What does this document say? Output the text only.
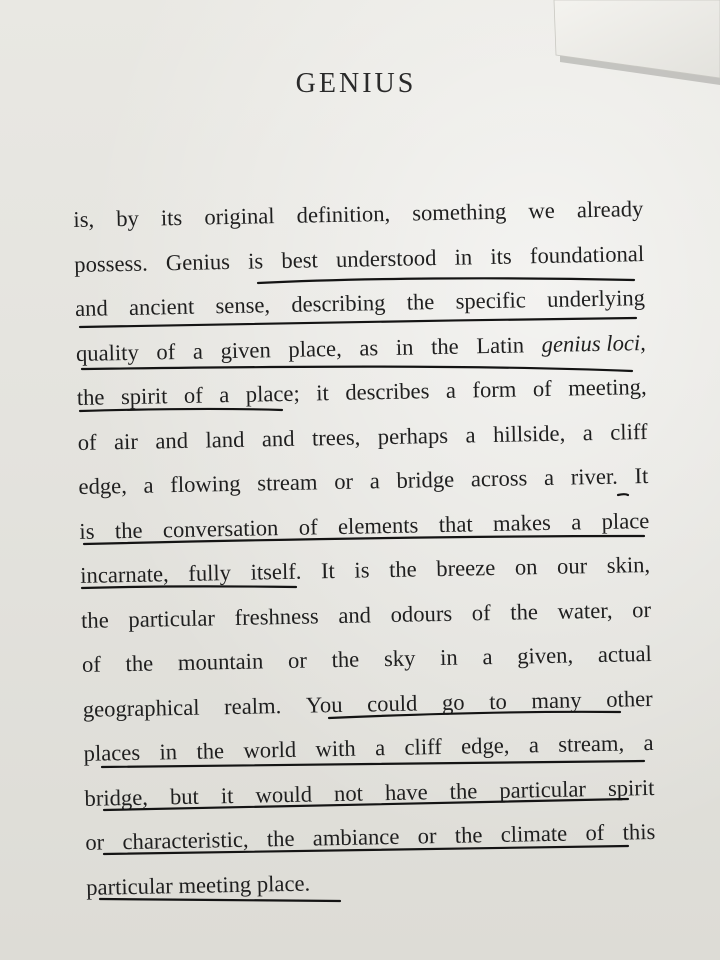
GENIUS
is, by its original definition, something we already
possess. Genius is best understood in its foundational
and ancient sense, describing the specific underlying
quality of a given place, as in the Latin genius loci,
the spirit of a place; it describes a form of meeting,
of air and land and trees, perhaps a hillside, a cliff
edge, a flowing stream or a bridge across a river. It
is the conversation of elements that makes a place
incarnate, fully itself. It is the breeze on our skin,
the particular freshness and odours of the water, or
of the mountain or the sky in a given, actual
geographical realm. You could go to many other
places in the world with a cliff edge, a stream, a
bridge, but it would not have the particular spirit
or characteristic, the ambiance or the climate of this
particular meeting place.
